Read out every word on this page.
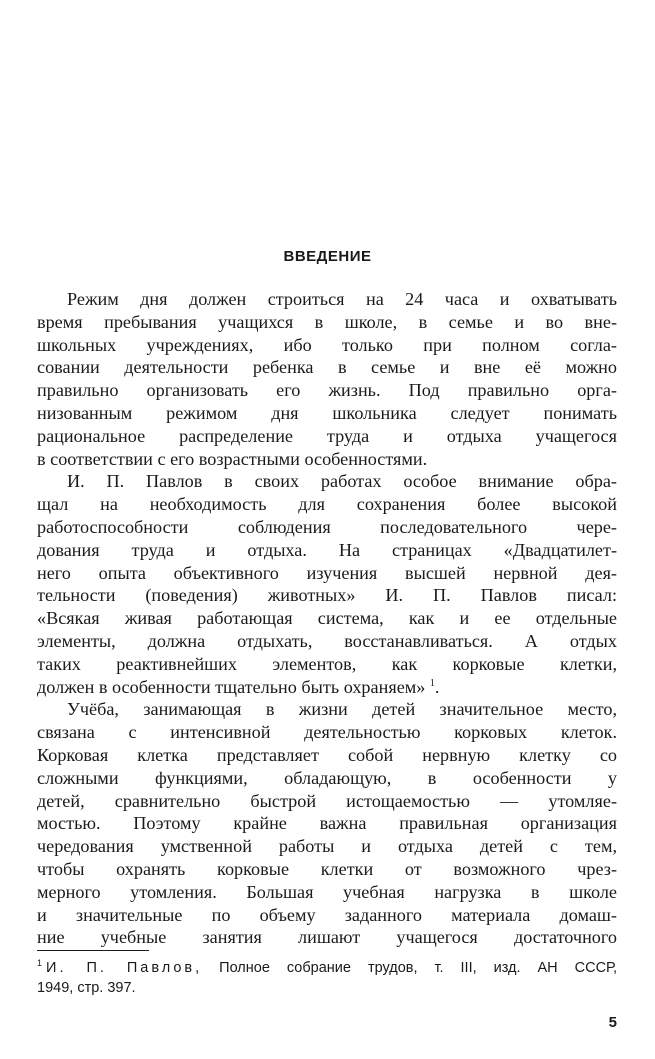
ВВЕДЕНИЕ
Режим дня должен строиться на 24 часа и охватывать
время пребывания учащихся в школе, в семье и во вне-
школьных учреждениях, ибо только при полном согла-
совании деятельности ребенка в семье и вне её можно
правильно организовать его жизнь. Под правильно орга-
низованным режимом дня школьника следует понимать
рациональное распределение труда и отдыха учащегося
в соответствии с его возрастными особенностями.
И. П. Павлов в своих работах особое внимание обра-
щал на необходимость для сохранения более высокой
работоспособности соблюдения последовательного чере-
дования труда и отдыха. На страницах «Двадцатилет-
него опыта объективного изучения высшей нервной дея-
тельности (поведения) животных» И. П. Павлов писал:
«Всякая живая работающая система, как и ее отдельные
элементы, должна отдыхать, восстанавливаться. А отдых
таких реактивнейших элементов, как корковые клетки,
должен в особенности тщательно быть охраняем» $^1$.
Учёба, занимающая в жизни детей значительное место,
связана с интенсивной деятельностью корковых клеток.
Корковая клетка представляет собой нервную клетку со
сложными функциями, обладающую, в особенности у
детей, сравнительно быстрой истощаемостью — утомляе-
мостью. Поэтому крайне важна правильная организация
чередования умственной работы и отдыха детей с тем,
чтобы охранять корковые клетки от возможного чрез-
мерного утомления. Большая учебная нагрузка в школе
и значительные по объему заданного материала домаш-
ние учебные занятия лишают учащегося достаточного
$^1$ И. П. Павлов, Полное собрание трудов, т. III, изд. АН СССР,
1949, стр. 397.
5
